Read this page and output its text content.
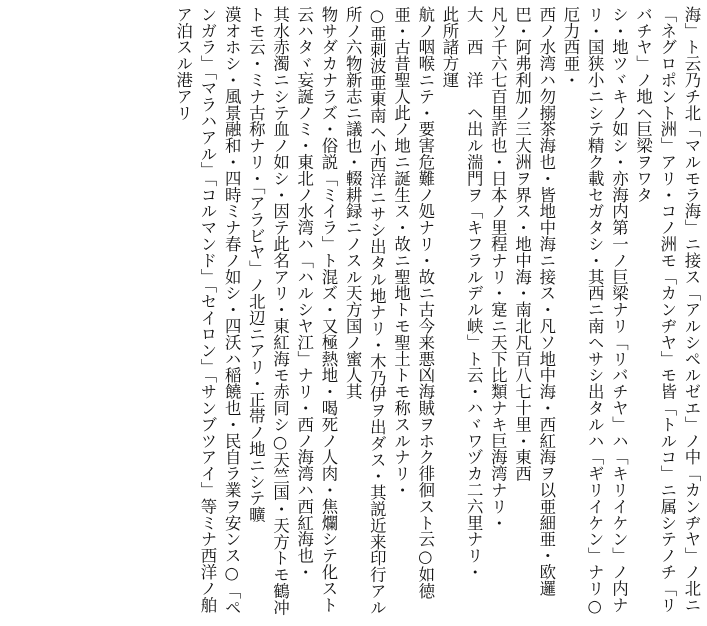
海」ト云乃チ北「マルモラ海」ニ接ス「アルシペルゼエ」ノ中「カンヂヤ」ノ北ニ
「ネグロポント洲」アリ・コノ洲モ「カンヂヤ」モ皆「トルコ」ニ属シテノチ「リ
バチヤ」ノ地ヘ巨梁ヲワタ
シ・地ツヾキノ如シ・亦海内第一ノ巨梁ナリ「リバチヤ」ハ「キリイケン」ノ内ナ
リ・国狭小ニシテ精ク載セガタシ・其西ニ南ヘサシ出タルハ「ギリイケン」ナリ○
厄力西亜・
西ノ水湾ハ勿搦茶海也・皆地中海ニ接ス・凡ソ地中海・西紅海ヲ以亜細亜・欧邏
巴・阿弗利加ノ三大洲ヲ界ス・地中海・南北凡百八七十里・東西
凡ソ千六七百里許也・日本ノ里程ナリ・寔ニ天下比類ナキ巨海湾ナリ・
大　西　洋　ヘ出ル湍門ヲ「キフラルデル峡」ト云・ハヾワヅカ二六里ナリ・
此所諸方運
航ノ咽喉ニテ・要害危難ノ処ナリ・故ニ古今来悪凶海賊ヲホク徘徊スト云○如徳
亜・古昔聖人此ノ地ニ誕生ス・故ニ聖地トモ聖土トモ称スルナリ・
○亜刺波亜東南ヘ小西洋ニサシ出タル地ナリ・木乃伊ヲ出ダス・其説近来印行アル
所ノ六物新志ニ議也・輟耕録ニノスル天方国ノ蜜人其
物サダカナラズ・俗説「ミイラ」ト混ズ・又極熱地・喝死ノ人肉・焦爛シテ化スト
云ハタヾ妄誕ノミ・東北ノ水湾ハ「ハルシヤ江」ナリ・西ノ海湾ハ西紅海也・
其水赤濁ニシテ血ノ如シ・因テ此名アリ・東紅海モ赤同シ○天竺国・天方トモ鶴冲
トモ云・ミナ古称ナリ・「アラビヤ」ノ北辺ニアリ・正帯ノ地ニシテ曠
漠オホシ・風景融和・四時ミナ春ノ如シ・四沃ハ稲饒也・民自ラ業ヲ安ンス○「ペ
ンガラ」「マラハアル」「コルマンド」「セイロン」「サンブツアイ」等ミナ西洋ノ舶
ア泊スル港アリ
